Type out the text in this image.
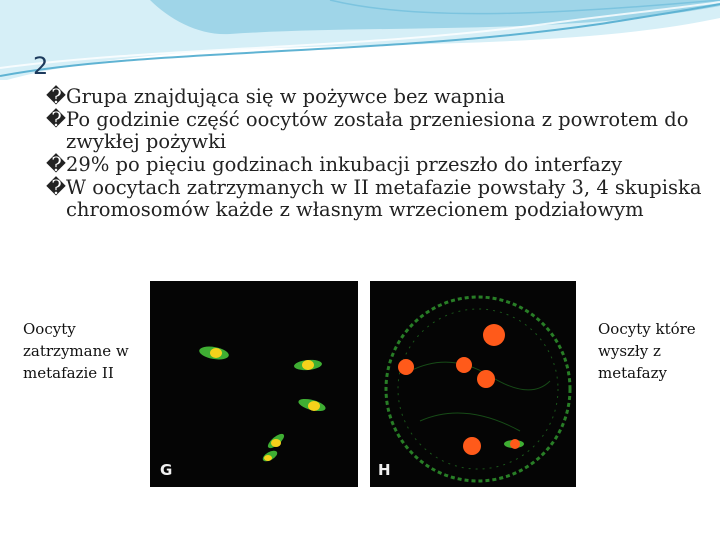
2
� Grupa znajdująca się w pożywce bez wapnia
� Po godzinie część oocytów została przeniesiona z powrotem do zwykłej pożywki
� 29% po pięciu godzinach inkubacji przeszło do interfazy
� W oocytach zatrzymanych w II metafazie powstały 3, 4 skupiska chromosomów każde z własnym wrzecionem podziałowym
Oocyty zatrzymane w metafazie II
G	H
Oocyty które wyszły z metafazy
